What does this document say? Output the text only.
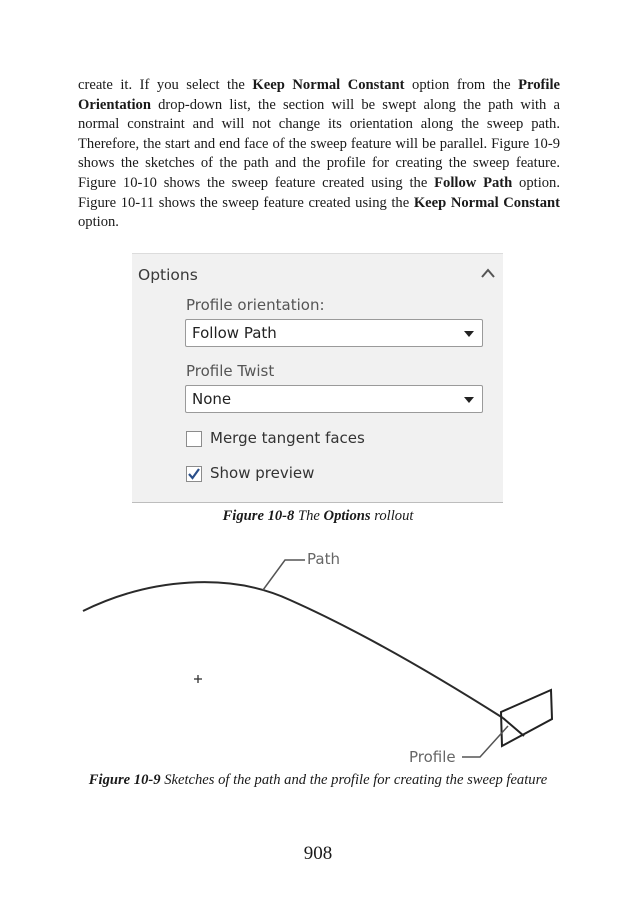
create it. If you select the Keep Normal Constant option from the Profile Orientation drop-down list, the section will be swept along the path with a normal constraint and will not change its orientation along the sweep path. Therefore, the start and end face of the sweep feature will be parallel. Figure 10-9 shows the sketches of the path and the profile for creating the sweep feature. Figure 10-10 shows the sweep feature created using the Follow Path option. Figure 10-11 shows the sweep feature created using the Keep Normal Constant option.

Options
Profile orientation:
Follow Path
Profile Twist
None
Merge tangent faces
Show preview

Figure 10-8 The Options rollout

Path
Profile

Figure 10-9 Sketches of the path and the profile for creating the sweep feature

908
